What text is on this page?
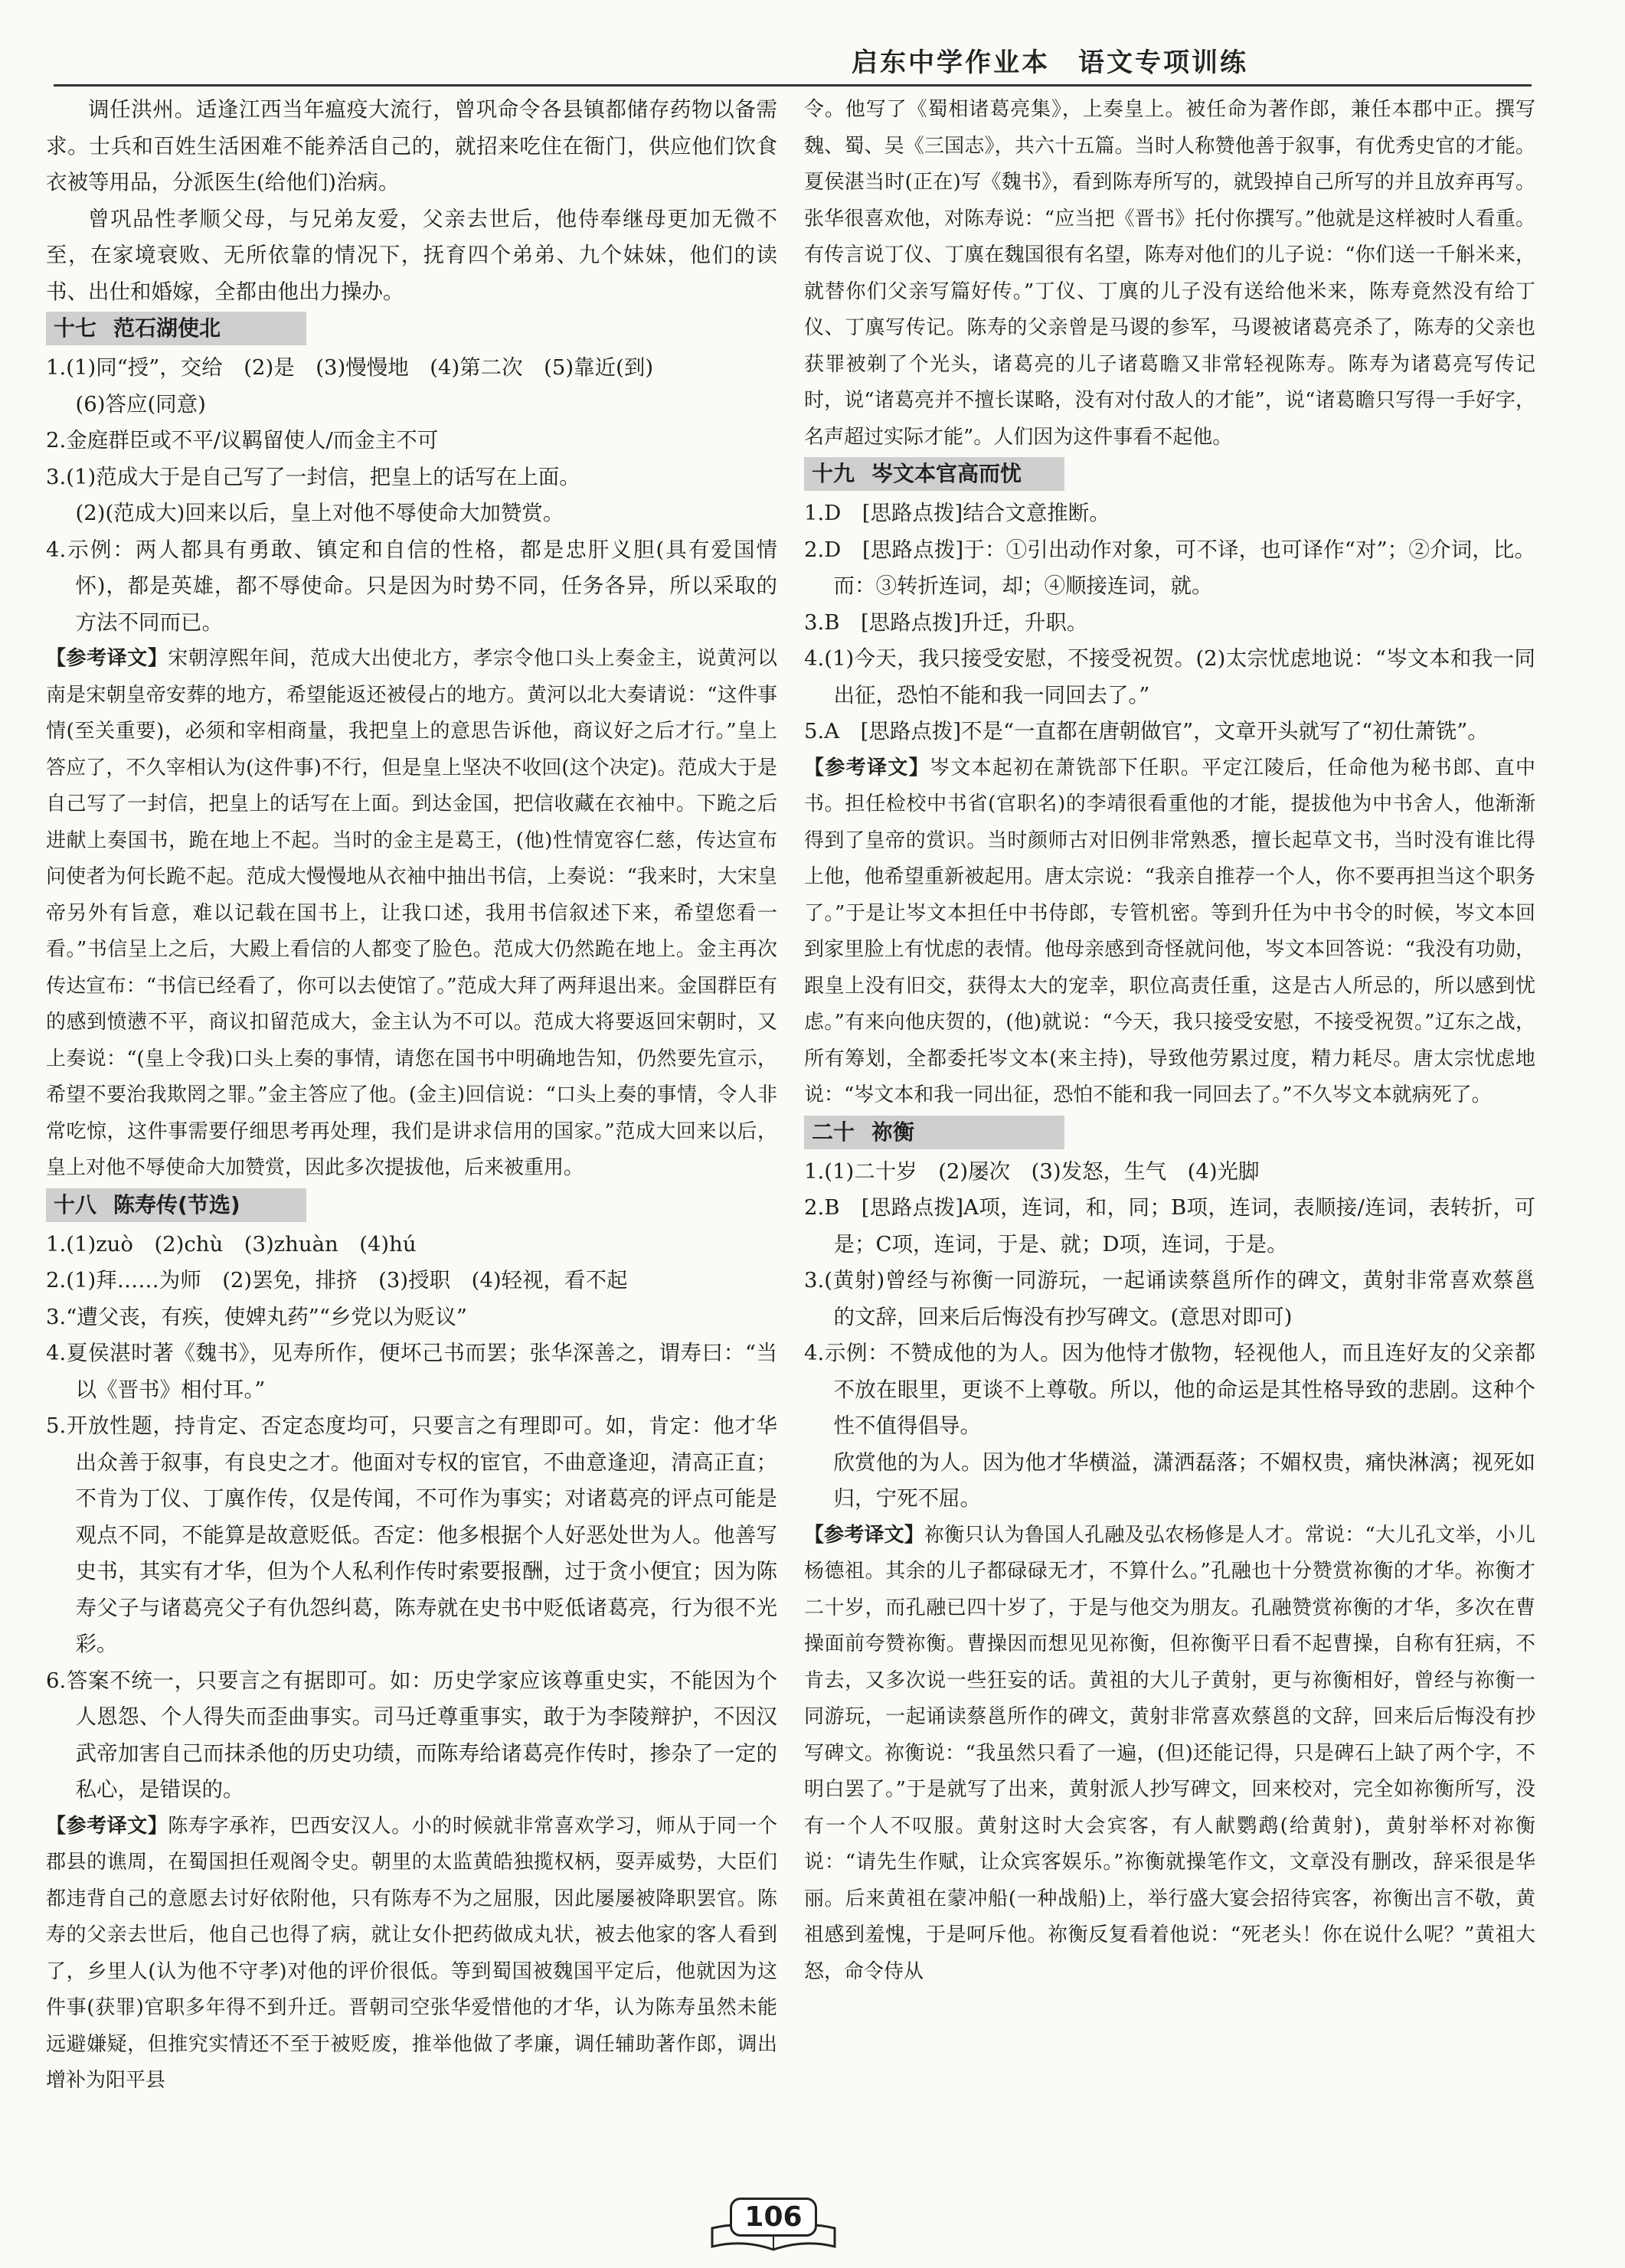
启东中学作业本　语文专项训练

调任洪州。适逢江西当年瘟疫大流行，曾巩命令各县镇都储存药物以备需求。士兵和百姓生活困难不能养活自己的，就招来吃住在衙门，供应他们饮食衣被等用品，分派医生(给他们)治病。

曾巩品性孝顺父母，与兄弟友爱，父亲去世后，他侍奉继母更加无微不至，在家境衰败、无所依靠的情况下，抚育四个弟弟、九个妹妹，他们的读书、出仕和婚嫁，全都由他出力操办。

十七 范石湖使北

1.(1)同“授”，交给　(2)是　(3)慢慢地　(4)第二次　(5)靠近(到)

(6)答应(同意)

2.金庭群臣或不平/议羁留使人/而金主不可

3.(1)范成大于是自己写了一封信，把皇上的话写在上面。

(2)(范成大)回来以后，皇上对他不辱使命大加赞赏。

4.示例：两人都具有勇敢、镇定和自信的性格，都是忠肝义胆(具有爱国情怀)，都是英雄，都不辱使命。只是因为时势不同，任务各异，所以采取的方法不同而已。

【参考译文】宋朝淳熙年间，范成大出使北方，孝宗令他口头上奏金主，说黄河以南是宋朝皇帝安葬的地方，希望能返还被侵占的地方。黄河以北大奏请说：“这件事情(至关重要)，必须和宰相商量，我把皇上的意思告诉他，商议好之后才行。”皇上答应了，不久宰相认为(这件事)不行，但是皇上坚决不收回(这个决定)。范成大于是自己写了一封信，把皇上的话写在上面。到达金国，把信收藏在衣袖中。下跪之后进献上奏国书，跪在地上不起。当时的金主是葛王，(他)性情宽容仁慈，传达宣布问使者为何长跪不起。范成大慢慢地从衣袖中抽出书信，上奏说：“我来时，大宋皇帝另外有旨意，难以记载在国书上，让我口述，我用书信叙述下来，希望您看一看。”书信呈上之后，大殿上看信的人都变了脸色。范成大仍然跪在地上。金主再次传达宣布：“书信已经看了，你可以去使馆了。”范成大拜了两拜退出来。金国群臣有的感到愤懑不平，商议扣留范成大，金主认为不可以。范成大将要返回宋朝时，又上奏说：“(皇上令我)口头上奏的事情，请您在国书中明确地告知，仍然要先宣示，希望不要治我欺罔之罪。”金主答应了他。(金主)回信说：“口头上奏的事情，令人非常吃惊，这件事需要仔细思考再处理，我们是讲求信用的国家。”范成大回来以后，皇上对他不辱使命大加赞赏，因此多次提拔他，后来被重用。

十八 陈寿传(节选)

1.(1)zuò　(2)chù　(3)zhuàn　(4)hú

2.(1)拜……为师　(2)罢免，排挤　(3)授职　(4)轻视，看不起

3.“遭父丧，有疾，使婢丸药”“乡党以为贬议”

4.夏侯湛时著《魏书》，见寿所作，便坏己书而罢；张华深善之，谓寿曰：“当以《晋书》相付耳。”

5.开放性题，持肯定、否定态度均可，只要言之有理即可。如，肯定：他才华出众善于叙事，有良史之才。他面对专权的宦官，不曲意逢迎，清高正直；不肯为丁仪、丁廙作传，仅是传闻，不可作为事实；对诸葛亮的评点可能是观点不同，不能算是故意贬低。否定：他多根据个人好恶处世为人。他善写史书，其实有才华，但为个人私利作传时索要报酬，过于贪小便宜；因为陈寿父子与诸葛亮父子有仇怨纠葛，陈寿就在史书中贬低诸葛亮，行为很不光彩。

6.答案不统一，只要言之有据即可。如：历史学家应该尊重史实，不能因为个人恩怨、个人得失而歪曲事实。司马迁尊重事实，敢于为李陵辩护，不因汉武帝加害自己而抹杀他的历史功绩，而陈寿给诸葛亮作传时，掺杂了一定的私心，是错误的。

【参考译文】陈寿字承祚，巴西安汉人。小的时候就非常喜欢学习，师从于同一个郡县的谯周，在蜀国担任观阁令史。朝里的太监黄皓独揽权柄，耍弄威势，大臣们都违背自己的意愿去讨好依附他，只有陈寿不为之屈服，因此屡屡被降职罢官。陈寿的父亲去世后，他自己也得了病，就让女仆把药做成丸状，被去他家的客人看到了，乡里人(认为他不守孝)对他的评价很低。等到蜀国被魏国平定后，他就因为这件事(获罪)官职多年得不到升迁。晋朝司空张华爱惜他的才华，认为陈寿虽然未能远避嫌疑，但推究实情还不至于被贬废，推举他做了孝廉，调任辅助著作郎，调出增补为阳平县

令。他写了《蜀相诸葛亮集》，上奏皇上。被任命为著作郎，兼任本郡中正。撰写魏、蜀、吴《三国志》，共六十五篇。当时人称赞他善于叙事，有优秀史官的才能。夏侯湛当时(正在)写《魏书》，看到陈寿所写的，就毁掉自己所写的并且放弃再写。张华很喜欢他，对陈寿说：“应当把《晋书》托付你撰写。”他就是这样被时人看重。有传言说丁仪、丁廙在魏国很有名望，陈寿对他们的儿子说：“你们送一千斛米来，就替你们父亲写篇好传。”丁仪、丁廙的儿子没有送给他米来，陈寿竟然没有给丁仪、丁廙写传记。陈寿的父亲曾是马谡的参军，马谡被诸葛亮杀了，陈寿的父亲也获罪被剃了个光头，诸葛亮的儿子诸葛瞻又非常轻视陈寿。陈寿为诸葛亮写传记时，说“诸葛亮并不擅长谋略，没有对付敌人的才能”，说“诸葛瞻只写得一手好字，名声超过实际才能”。人们因为这件事看不起他。

十九 岑文本官高而忧

1.D　[思路点拨]结合文意推断。

2.D　[思路点拨]于：①引出动作对象，可不译，也可译作“对”；②介词，比。而：③转折连词，却；④顺接连词，就。

3.B　[思路点拨]升迁，升职。

4.(1)今天，我只接受安慰，不接受祝贺。(2)太宗忧虑地说：“岑文本和我一同出征，恐怕不能和我一同回去了。”

5.A　[思路点拨]不是“一直都在唐朝做官”，文章开头就写了“初仕萧铣”。

【参考译文】岑文本起初在萧铣部下任职。平定江陵后，任命他为秘书郎、直中书。担任检校中书省(官职名)的李靖很看重他的才能，提拔他为中书舍人，他渐渐得到了皇帝的赏识。当时颜师古对旧例非常熟悉，擅长起草文书，当时没有谁比得上他，他希望重新被起用。唐太宗说：“我亲自推荐一个人，你不要再担当这个职务了。”于是让岑文本担任中书侍郎，专管机密。等到升任为中书令的时候，岑文本回到家里脸上有忧虑的表情。他母亲感到奇怪就问他，岑文本回答说：“我没有功勋，跟皇上没有旧交，获得太大的宠幸，职位高责任重，这是古人所忌的，所以感到忧虑。”有来向他庆贺的，(他)就说：“今天，我只接受安慰，不接受祝贺。”辽东之战，所有筹划，全都委托岑文本(来主持)，导致他劳累过度，精力耗尽。唐太宗忧虑地说：“岑文本和我一同出征，恐怕不能和我一同回去了。”不久岑文本就病死了。

二十 祢衡

1.(1)二十岁　(2)屡次　(3)发怒，生气　(4)光脚

2.B　[思路点拨]A项，连词，和，同；B项，连词，表顺接/连词，表转折，可是；C项，连词，于是、就；D项，连词，于是。

3.(黄射)曾经与祢衡一同游玩，一起诵读蔡邕所作的碑文，黄射非常喜欢蔡邕的文辞，回来后后悔没有抄写碑文。(意思对即可)

4.示例：不赞成他的为人。因为他恃才傲物，轻视他人，而且连好友的父亲都不放在眼里，更谈不上尊敬。所以，他的命运是其性格导致的悲剧。这种个性不值得倡导。

欣赏他的为人。因为他才华横溢，潇洒磊落；不媚权贵，痛快淋漓；视死如归，宁死不屈。

【参考译文】祢衡只认为鲁国人孔融及弘农杨修是人才。常说：“大儿孔文举，小儿杨德祖。其余的儿子都碌碌无才，不算什么。”孔融也十分赞赏祢衡的才华。祢衡才二十岁，而孔融已四十岁了，于是与他交为朋友。孔融赞赏祢衡的才华，多次在曹操面前夸赞祢衡。曹操因而想见见祢衡，但祢衡平日看不起曹操，自称有狂病，不肯去，又多次说一些狂妄的话。黄祖的大儿子黄射，更与祢衡相好，曾经与祢衡一同游玩，一起诵读蔡邕所作的碑文，黄射非常喜欢蔡邕的文辞，回来后后悔没有抄写碑文。祢衡说：“我虽然只看了一遍，(但)还能记得，只是碑石上缺了两个字，不明白罢了。”于是就写了出来，黄射派人抄写碑文，回来校对，完全如祢衡所写，没有一个人不叹服。黄射这时大会宾客，有人献鹦鹉(给黄射)，黄射举杯对祢衡说：“请先生作赋，让众宾客娱乐。”祢衡就操笔作文，文章没有删改，辞采很是华丽。后来黄祖在蒙冲船(一种战船)上，举行盛大宴会招待宾客，祢衡出言不敬，黄祖感到羞愧，于是呵斥他。祢衡反复看着他说：“死老头！你在说什么呢？”黄祖大怒，命令侍从

106
